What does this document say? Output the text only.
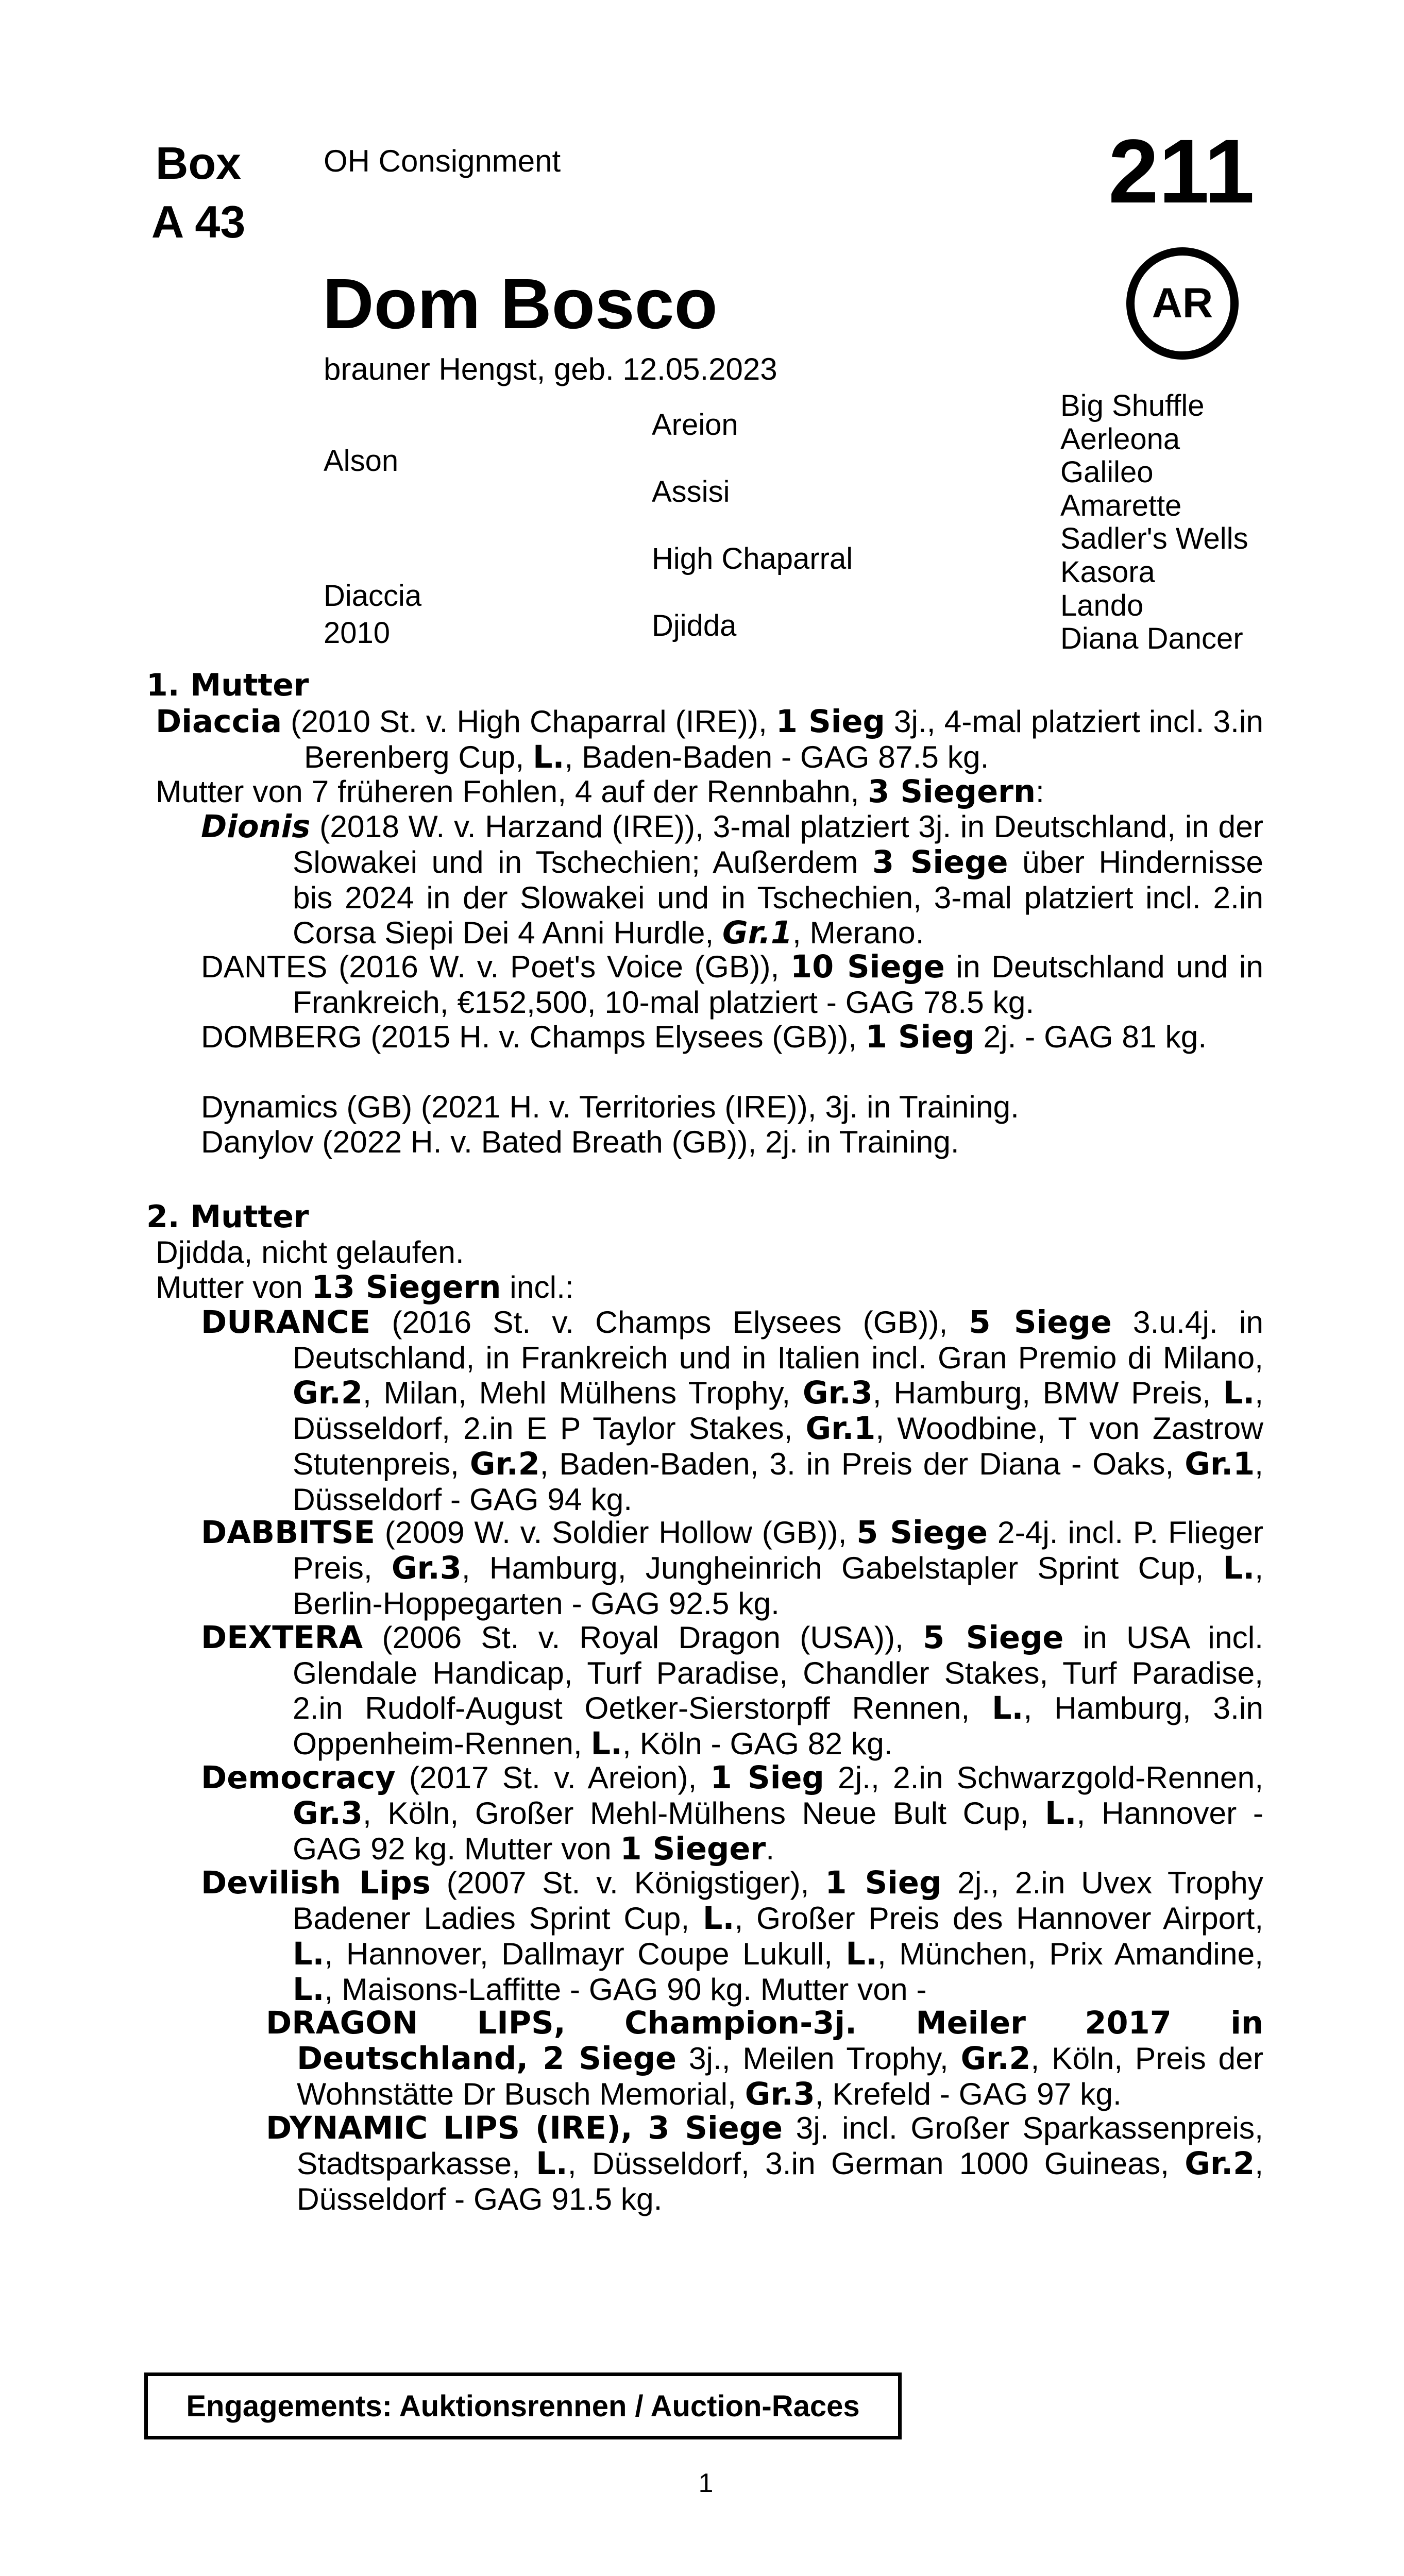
Box
A 43
OH Consignment	211
Dom Bosco
brauner Hengst, geb. 12.05.2023
AR
Alson
Diaccia
2010
Areion
Assisi
High Chaparral
Djidda
Big Shuffle
Aerleona
Galileo
Amarette
Sadler's Wells
Kasora
Lando
Diana Dancer
1. Mutter
Diaccia (2010 St. v. High Chaparral (IRE)), 1 Sieg 3j., 4-mal platziert incl. 3.in Berenberg Cup, L., Baden-Baden - GAG 87.5 kg.
Mutter von 7 früheren Fohlen, 4 auf der Rennbahn, 3 Siegern:
Dionis (2018 W. v. Harzand (IRE)), 3-mal platziert 3j. in Deutschland, in der Slowakei und in Tschechien; Außerdem 3 Siege über Hindernisse bis 2024 in der Slowakei und in Tschechien, 3-mal platziert incl. 2.in Corsa Siepi Dei 4 Anni Hurdle, Gr.1, Merano.
DANTES (2016 W. v. Poet's Voice (GB)), 10 Siege in Deutschland und in Frankreich, €152,500, 10-mal platziert - GAG 78.5 kg.
DOMBERG (2015 H. v. Champs Elysees (GB)), 1 Sieg 2j. - GAG 81 kg.
Dynamics (GB) (2021 H. v. Territories (IRE)), 3j. in Training.
Danylov (2022 H. v. Bated Breath (GB)), 2j. in Training.
2. Mutter
Djidda, nicht gelaufen.
Mutter von 13 Siegern incl.:
DURANCE (2016 St. v. Champs Elysees (GB)), 5 Siege 3.u.4j. in Deutschland, in Frankreich und in Italien incl. Gran Premio di Milano, Gr.2, Milan, Mehl Mülhens Trophy, Gr.3, Hamburg, BMW Preis, L., Düsseldorf, 2.in E P Taylor Stakes, Gr.1, Woodbine, T von Zastrow Stutenpreis, Gr.2, Baden-Baden, 3. in Preis der Diana - Oaks, Gr.1, Düsseldorf - GAG 94 kg.
DABBITSE (2009 W. v. Soldier Hollow (GB)), 5 Siege 2-4j. incl. P. Flieger Preis, Gr.3, Hamburg, Jungheinrich Gabelstapler Sprint Cup, L., Berlin-Hoppegarten - GAG 92.5 kg.
DEXTERA (2006 St. v. Royal Dragon (USA)), 5 Siege in USA incl. Glendale Handicap, Turf Paradise, Chandler Stakes, Turf Paradise, 2.in Rudolf-August Oetker-Sierstorpff Rennen, L., Hamburg, 3.in Oppenheim-Rennen, L., Köln - GAG 82 kg.
Democracy (2017 St. v. Areion), 1 Sieg 2j., 2.in Schwarzgold-Rennen, Gr.3, Köln, Großer Mehl-Mülhens Neue Bult Cup, L., Hannover - GAG 92 kg. Mutter von 1 Sieger.
Devilish Lips (2007 St. v. Königstiger), 1 Sieg 2j., 2.in Uvex Trophy Badener Ladies Sprint Cup, L., Großer Preis des Hannover Airport, L., Hannover, Dallmayr Coupe Lukull, L., München, Prix Amandine, L., Maisons-Laffitte - GAG 90 kg. Mutter von -
DRAGON LIPS, Champion-3j. Meiler 2017 in Deutschland, 2 Siege 3j., Meilen Trophy, Gr.2, Köln, Preis der Wohnstätte Dr Busch Memorial, Gr.3, Krefeld - GAG 97 kg.
DYNAMIC LIPS (IRE), 3 Siege 3j. incl. Großer Sparkassenpreis, Stadtsparkasse, L., Düsseldorf, 3.in German 1000 Guineas, Gr.2, Düsseldorf - GAG 91.5 kg.
Engagements: Auktionsrennen / Auction-Races
1
